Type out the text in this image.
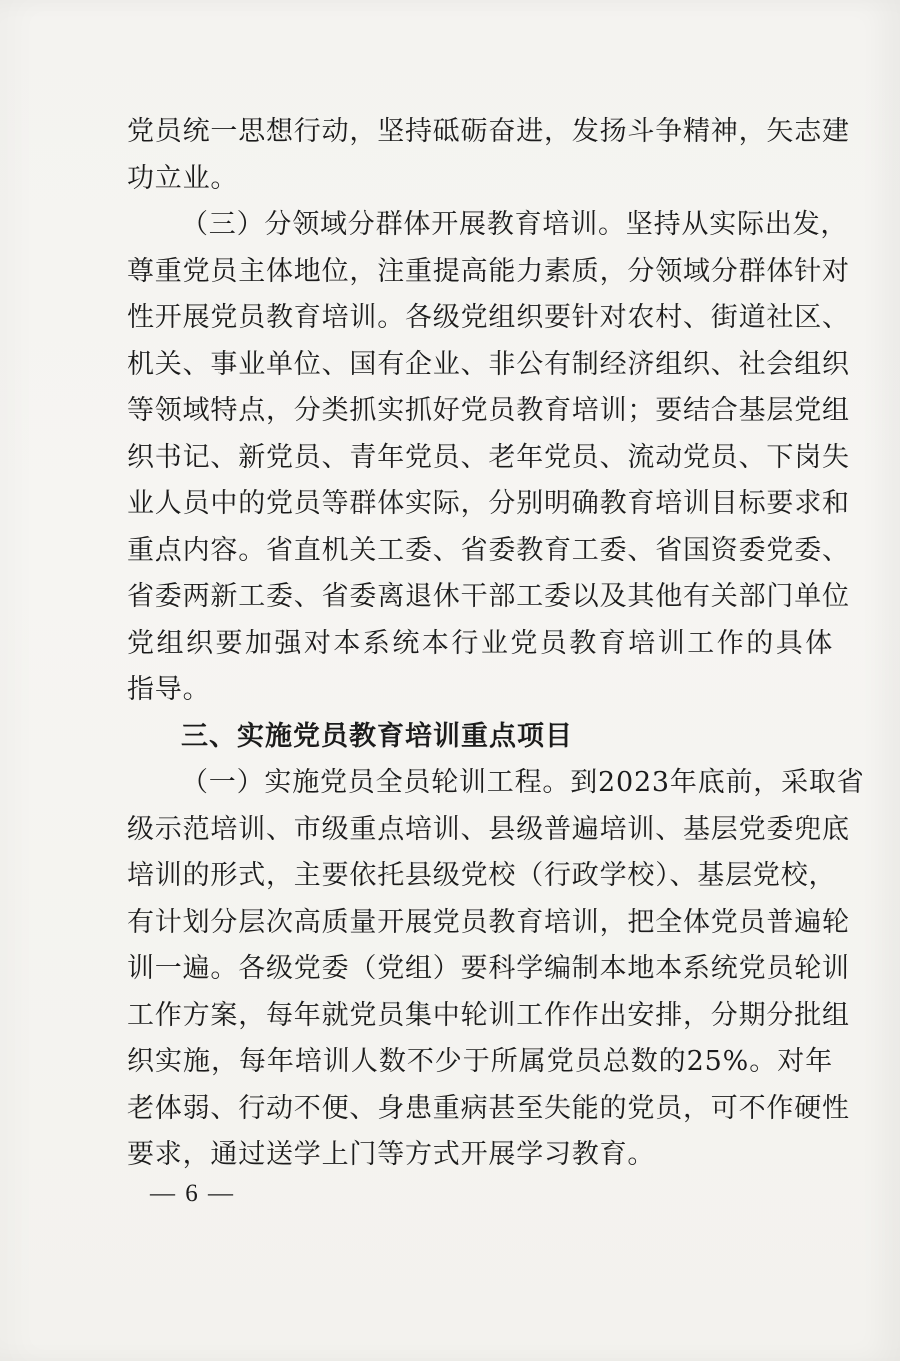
党员统一思想行动，坚持砥砺奋进，发扬斗争精神，矢志建
功立业。
（三）分领域分群体开展教育培训。坚持从实际出发，
尊重党员主体地位，注重提高能力素质，分领域分群体针对
性开展党员教育培训。各级党组织要针对农村、街道社区、
机关、事业单位、国有企业、非公有制经济组织、社会组织
等领域特点，分类抓实抓好党员教育培训；要结合基层党组
织书记、新党员、青年党员、老年党员、流动党员、下岗失
业人员中的党员等群体实际，分别明确教育培训目标要求和
重点内容。省直机关工委、省委教育工委、省国资委党委、
省委两新工委、省委离退休干部工委以及其他有关部门单位
党组织要加强对本系统本行业党员教育培训工作的具体
指导。
三、实施党员教育培训重点项目
（一）实施党员全员轮训工程。到2023年底前，采取省
级示范培训、市级重点培训、县级普遍培训、基层党委兜底
培训的形式，主要依托县级党校（行政学校）、基层党校，
有计划分层次高质量开展党员教育培训，把全体党员普遍轮
训一遍。各级党委（党组）要科学编制本地本系统党员轮训
工作方案，每年就党员集中轮训工作作出安排，分期分批组
织实施，每年培训人数不少于所属党员总数的25%。对年
老体弱、行动不便、身患重病甚至失能的党员，可不作硬性
要求，通过送学上门等方式开展学习教育。
— 6 —
